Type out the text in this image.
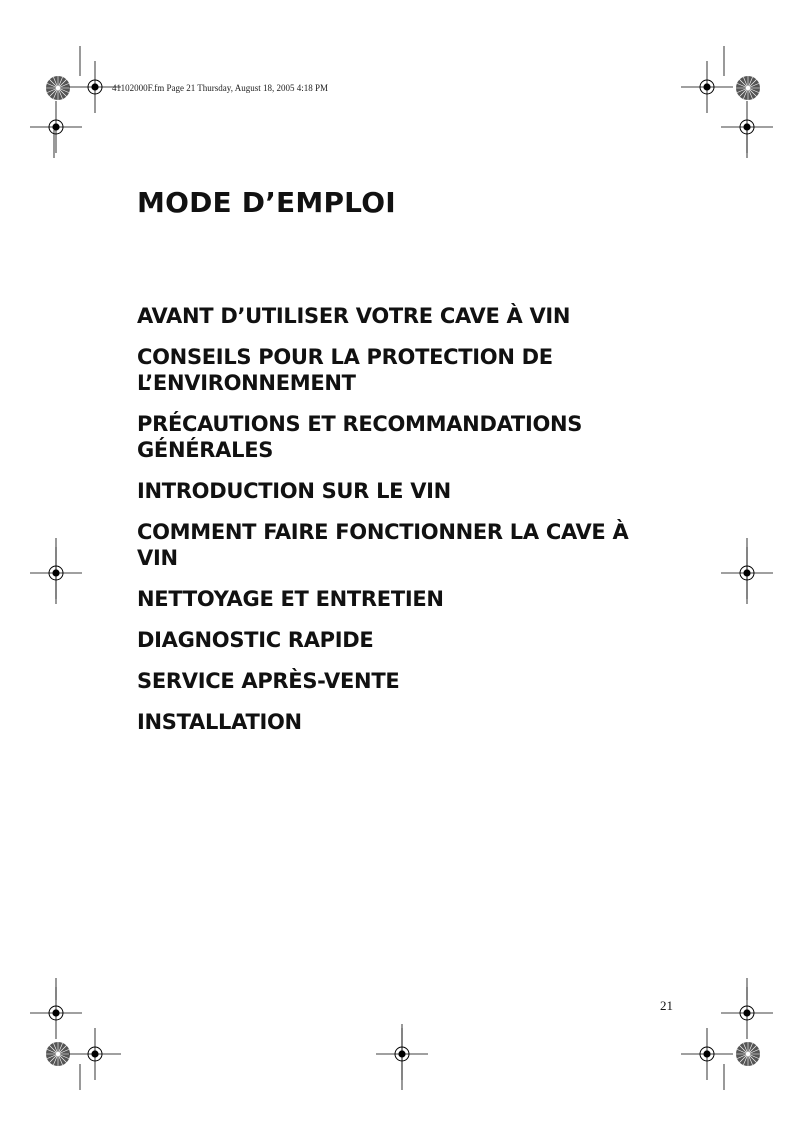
41102000F.fm Page 21 Thursday, August 18, 2005 4:18 PM
MODE D’EMPLOI
AVANT D’UTILISER VOTRE CAVE À VIN
CONSEILS POUR LA PROTECTION DE
L’ENVIRONNEMENT
PRÉCAUTIONS ET RECOMMANDATIONS
GÉNÉRALES
INTRODUCTION SUR LE VIN
COMMENT FAIRE FONCTIONNER LA CAVE À
VIN
NETTOYAGE ET ENTRETIEN
DIAGNOSTIC RAPIDE
SERVICE APRÈS-VENTE
INSTALLATION
21
